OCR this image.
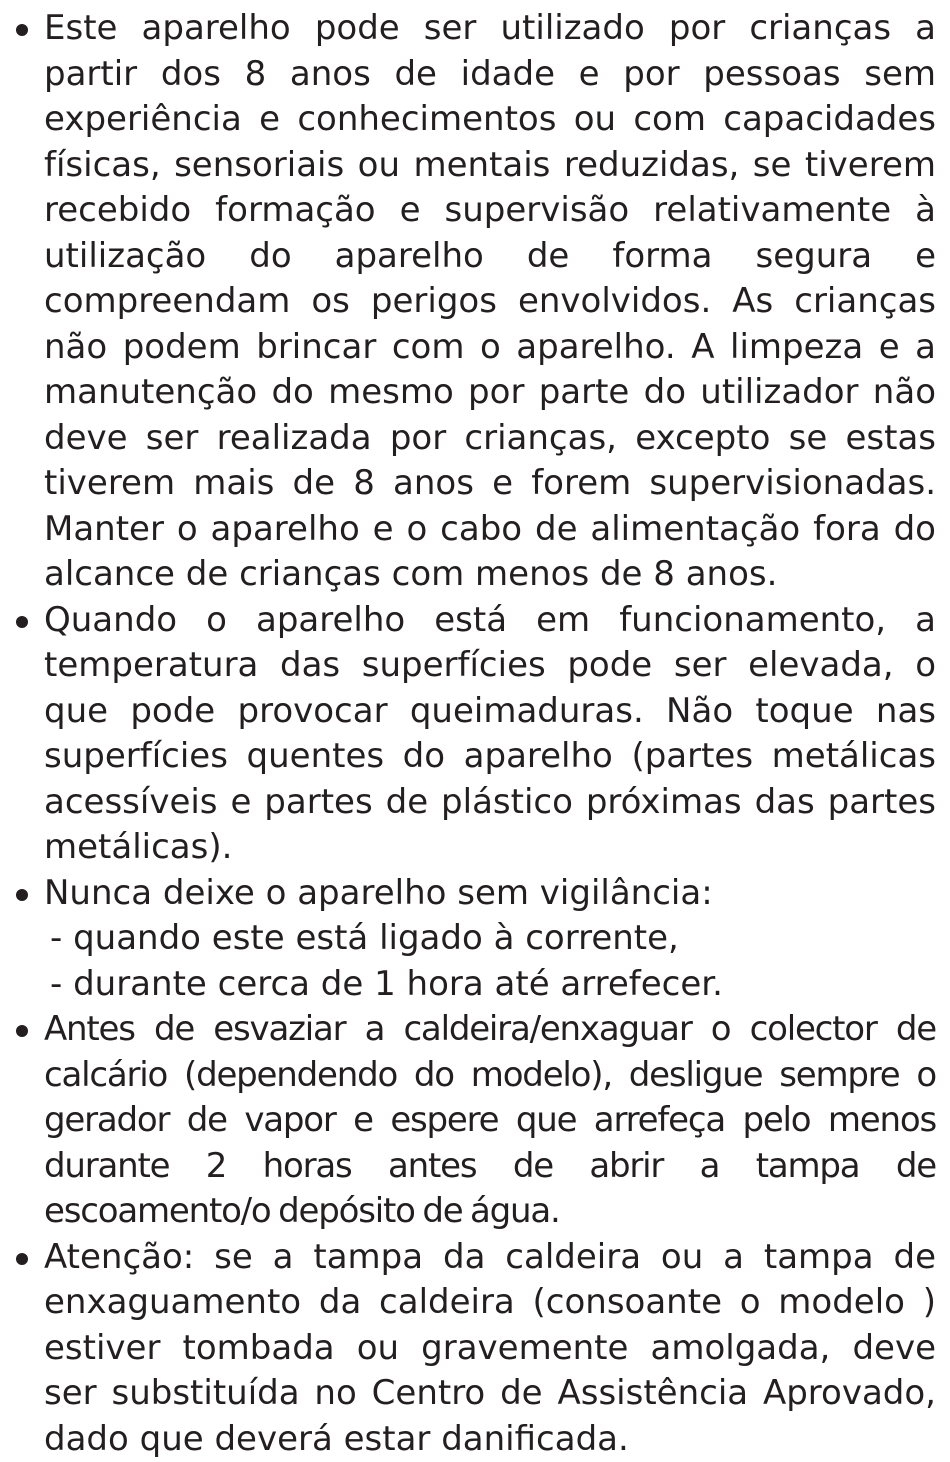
Este aparelho pode ser utilizado por crianças a partir dos 8 anos de idade e por pessoas sem experiência e conhecimentos ou com capacidades físicas, sensoriais ou mentais reduzidas, se tiverem recebido formação e supervisão relativamente à utilização do aparelho de forma segura e compreendam os perigos envolvidos. As crianças não podem brincar com o aparelho. A limpeza e a manutenção do mesmo por parte do utilizador não deve ser realizada por crianças, excepto se estas tiverem mais de 8 anos e forem supervisionadas. Manter o aparelho e o cabo de alimentação fora do alcance de crianças com menos de 8 anos.
Quando o aparelho está em funcionamento, a temperatura das superfícies pode ser elevada, o que pode provocar queimaduras. Não toque nas superfícies quentes do aparelho (partes metálicas acessíveis e partes de plástico próximas das partes metálicas).
Nunca deixe o aparelho sem vigilância:
- quando este está ligado à corrente,
- durante cerca de 1 hora até arrefecer.
Antes de esvaziar a caldeira/enxaguar o colector de calcário (dependendo do modelo), desligue sempre o gerador de vapor e espere que arrefeça pelo menos durante 2 horas antes de abrir a tampa de escoamento/o depósito de água.
Atenção: se a tampa da caldeira ou a tampa de enxaguamento da caldeira (consoante o modelo ) estiver tombada ou gravemente amolgada, deve ser substituída no Centro de Assistência Aprovado, dado que deverá estar danificada.
